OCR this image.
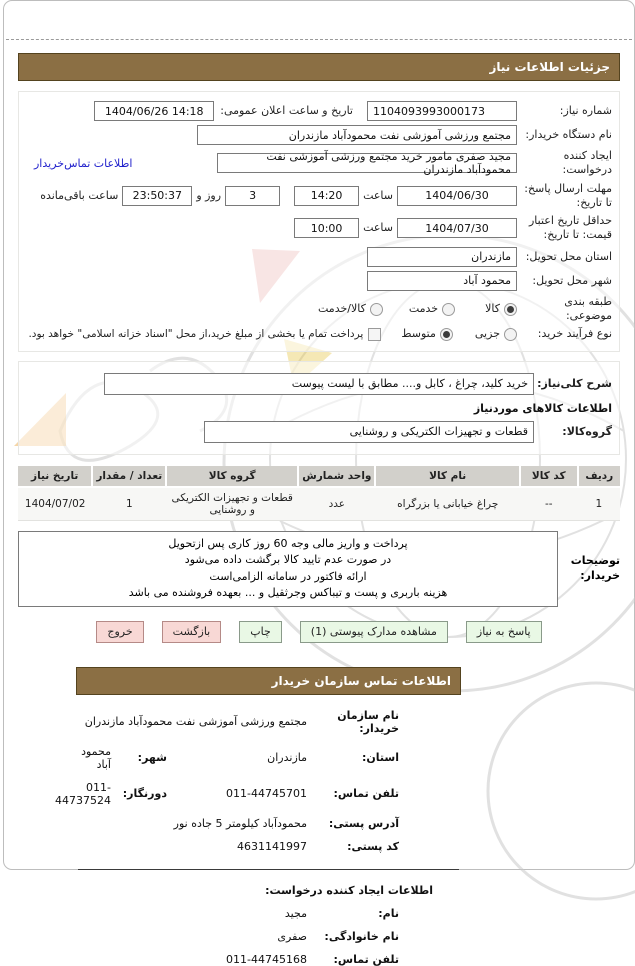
جزئیات اطلاعات نیاز
شماره نیاز:
1104093993000173
تاریخ و ساعت اعلان عمومی:
1404/06/26 14:18
نام دستگاه خریدار:
مجتمع ورزشی آموزشی نفت محمودآباد مازندران
ایجاد کننده درخواست:
مجید صفری مامور خرید مجتمع ورزشی آموزشی نفت محمودآباد مازندران
اطلاعات تماس‌خریدار
مهلت ارسال پاسخ: تا تاریخ:
1404/06/30
ساعت
14:20
3
روز و
23:50:37
ساعت باقی‌مانده
حداقل تاریخ اعتبار قیمت: تا تاریخ:
1404/07/30
ساعت
10:00
استان محل تحویل:
مازندران
شهر محل تحویل:
محمود آباد
طبقه بندی موضوعی:
کالا
خدمت
کالا/خدمت
نوع فرآیند خرید:
جزیی
متوسط
پرداخت تمام یا بخشی از مبلغ خرید،از محل "اسناد خزانه اسلامی" خواهد بود.
شرح کلی‌نیاز:
خرید کلید، چراغ ، کابل و.... مطابق با لیست پیوست
اطلاعات کالاهای موردنیاز
گروه‌کالا:
قطعات و تجهیزات الکتریکی و روشنایی
ردیف	کد کالا	نام کالا	واحد شمارش	گروه کالا	تعداد / مقدار	تاریخ نیاز
1	--	چراغ خیابانی یا بزرگراه	عدد	قطعات و تجهیزات الکتریکی و روشنایی	1	1404/07/02
توضیحات خریدار:
پرداخت و واریز مالی وجه 60 روز کاری پس ازتحویل
در صورت عدم تایید کالا برگشت داده می‌شود
ارائه فاکتور در سامانه الزامی‌است
هزینه باربری و پست و تیباکس وجرثقیل و ... بعهده فروشنده می باشد
پاسخ به نیاز
مشاهده مدارک پیوستی (1)
چاپ
بازگشت
خروج
اطلاعات تماس سازمان خریدار
نام سازمان خریدار:
مجتمع ورزشی آموزشی نفت محمودآباد مازندران
استان:
مازندران
شهر:
محمود آباد
تلفن تماس:
011-44745701
دورنگار:
011-44737524
آدرس پستی:
محمودآباد کیلومتر 5 جاده نور
کد پستی:
4631141997
اطلاعات ایجاد کننده درخواست:
نام:
مجید
نام خانوادگی:
صفری
تلفن تماس:
011-44745168
